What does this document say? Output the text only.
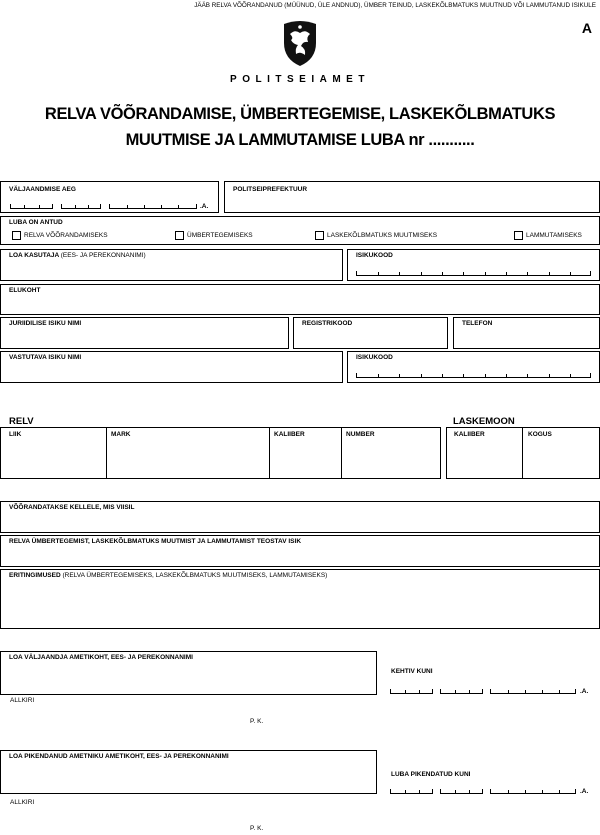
JÄÄB RELVA VÕÕRANDANUD (MÜÜNUD, ÜLE ANDNUD), ÜMBER TEINUD, LASKEKÕLBMATUKS MUUTNUD VÕI LAMMUTANUD ISIKULE
A
POLITSEIAMET
RELVA VÕÕRANDAMISE, ÜMBERTEGEMISE, LASKEKÕLBMATUKS
MUUTMISE JA LAMMUTAMISE LUBA nr ...........
VÄLJAANDMISE AEG
.A.
POLITSEIPREFEKTUUR
LUBA ON ANTUD
RELVA VÕÕRANDAMISEKS	ÜMBERTEGEMISEKS	LASKEKÕLBMATUKS MUUTMISEKS	LAMMUTAMISEKS
LOA KASUTAJA (EES- JA PEREKONNANIMI)	ISIKUKOOD
ELUKOHT
JURIIDILISE ISIKU NIMI	REGISTRIKOOD	TELEFON
VASTUTAVA ISIKU NIMI	ISIKUKOOD
RELV	LASKEMOON
LIIK	MARK	KALIIBER	NUMBER	KALIIBER	KOGUS
VÕÕRANDATAKSE KELLELE, MIS VIISIL
RELVA ÜMBERTEGEMIST, LASKEKÕLBMATUKS MUUTMIST JA LAMMUTAMIST TEOSTAV ISIK
ERITINGIMUSED (RELVA ÜMBERTEGEMISEKS, LASKEKÕLBMATUKS MUUTMISEKS, LAMMUTAMISEKS)
LOA VÄLJAANDJA AMETIKOHT, EES- JA PEREKONNANIMI
KEHTIV KUNI
.A.
ALLKIRI
P. K.
LOA PIKENDANUD AMETNIKU AMETIKOHT, EES- JA PEREKONNANIMI
LUBA PIKENDATUD KUNI
.A.
ALLKIRI
P. K.
